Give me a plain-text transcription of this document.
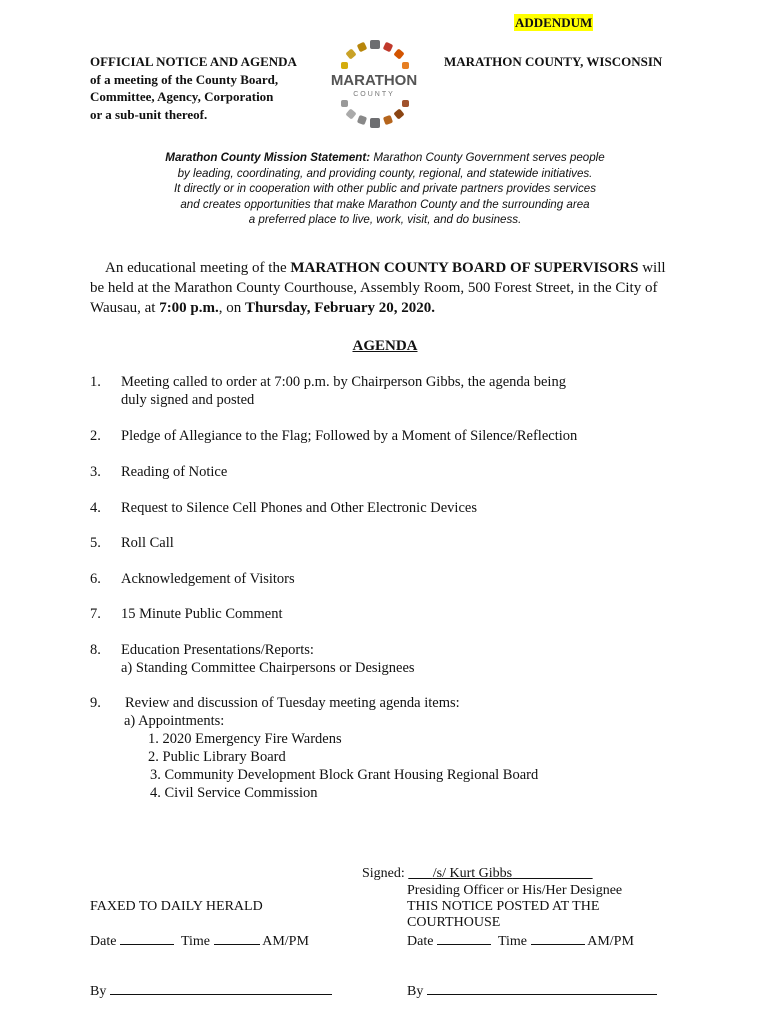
ADDENDUM
OFFICIAL NOTICE AND AGENDA
of a meeting of the County Board,
Committee, Agency, Corporation
or a sub-unit thereof.
MARATHON COUNTY, WISCONSIN
MARATHON
COUNTY
Marathon County Mission Statement: Marathon County Government serves people
by leading, coordinating, and providing county, regional, and statewide initiatives.
It directly or in cooperation with other public and private partners provides services
and creates opportunities that make Marathon County and the surrounding area
a preferred place to live, work, visit, and do business.
An educational meeting of the MARATHON COUNTY BOARD OF SUPERVISORS will
be held at the Marathon County Courthouse, Assembly Room, 500 Forest Street, in the City of
Wausau, at 7:00 p.m., on Thursday, February 20, 2020.
AGENDA
1. Meeting called to order at 7:00 p.m. by Chairperson Gibbs, the agenda being
duly signed and posted
2. Pledge of Allegiance to the Flag; Followed by a Moment of Silence/Reflection
3. Reading of Notice
4. Request to Silence Cell Phones and Other Electronic Devices
5. Roll Call
6. Acknowledgement of Visitors
7. 15 Minute Public Comment
8. Education Presentations/Reports:
a) Standing Committee Chairpersons or Designees
9. Review and discussion of Tuesday meeting agenda items:
a) Appointments:
1. 2020 Emergency Fire Wardens
2. Public Library Board
3. Community Development Block Grant Housing Regional Board
4. Civil Service Commission
Signed:        /s/ Kurt Gibbs
Presiding Officer or His/Her Designee
THIS NOTICE POSTED AT THE
COURTHOUSE
FAXED TO DAILY HERALD
Date	Time	AM/PM	Date	Time	AM/PM
By	By
